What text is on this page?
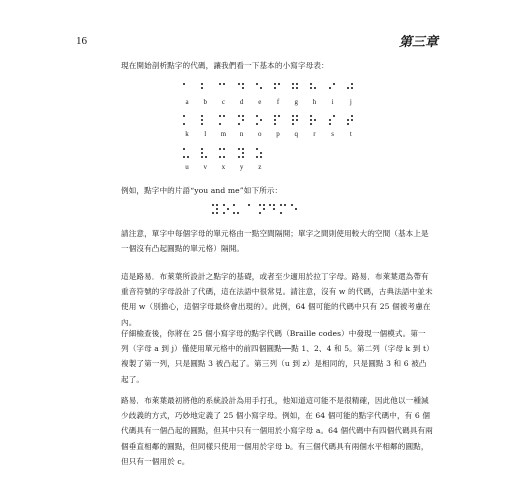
16	第三章

現在開始剖析點字的代碼，讓我們看一下基本的小寫字母表：

a	b	c	d	e	f	g	h	i	j
k	l	m	n	o	p	q	r	s	t
u	v	x	y	z

例如，點字中的片語“you and me”如下所示：

請注意，單字中每個字母的單元格由一點空間隔開；單字之間則使用較大的空間（基本上是一個沒有凸起圓點的單元格）隔開。

這是路易．布萊葉所設計之點字的基礎，或者至少適用於拉丁字母。路易．布萊葉還為帶有重音符號的字母設計了代碼，這在法語中很常見。請注意，沒有 w 的代碼，古典法語中並未使用 w（別擔心，這個字母最終會出現的）。此例，64 個可能的代碼中只有 25 個被考慮在內。

仔細檢查後，你將在 25 個小寫字母的點字代碼（Braille codes）中發現一個模式。第一列（字母 a 到 j）僅使用單元格中的前四個圓點──點 1、2、4 和 5。第二列（字母 k 到 t）複製了第一列，只是圓點 3 被凸起了。第三列（u 到 z）是相同的，只是圓點 3 和 6 被凸起了。

路易．布萊葉最初將他的系統設計為用手打孔，他知道這可能不是很精確，因此他以一種減少歧義的方式，巧妙地定義了 25 個小寫字母。例如，在 64 個可能的點字代碼中，有 6 個代碼具有一個凸起的圓點，但其中只有一個用於小寫字母 a。64 個代碼中有四個代碼具有兩個垂直相鄰的圓點，但同樣只使用一個用於字母 b。有三個代碼具有兩個水平相鄰的圓點，但只有一個用於 c。
